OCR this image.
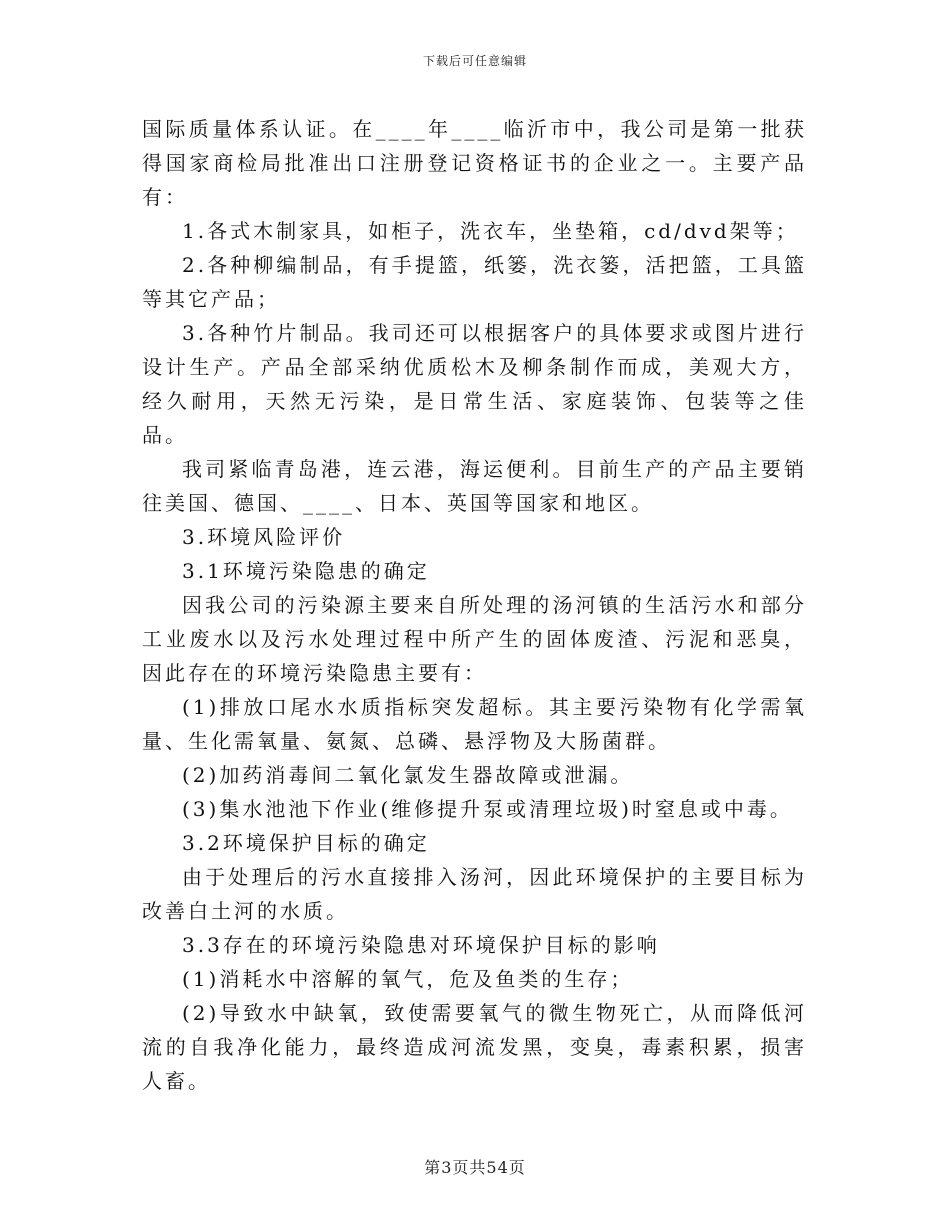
下载后可任意编辑

国际质量体系认证。在____年____临沂市中，我公司是第一批获得国家商检局批准出口注册登记资格证书的企业之一。主要产品有：

1.各式木制家具，如柜子，洗衣车，坐垫箱，cd/dvd架等；

2.各种柳编制品，有手提篮，纸篓，洗衣篓，活把篮，工具篮等其它产品；

3.各种竹片制品。我司还可以根据客户的具体要求或图片进行设计生产。产品全部采纳优质松木及柳条制作而成，美观大方，经久耐用，天然无污染，是日常生活、家庭装饰、包装等之佳品。

我司紧临青岛港，连云港，海运便利。目前生产的产品主要销往美国、德国、____、日本、英国等国家和地区。

3.环境风险评价

3.1环境污染隐患的确定

因我公司的污染源主要来自所处理的汤河镇的生活污水和部分工业废水以及污水处理过程中所产生的固体废渣、污泥和恶臭，因此存在的环境污染隐患主要有：

(1)排放口尾水水质指标突发超标。其主要污染物有化学需氧量、生化需氧量、氨氮、总磷、悬浮物及大肠菌群。

(2)加药消毒间二氧化氯发生器故障或泄漏。

(3)集水池池下作业(维修提升泵或清理垃圾)时窒息或中毒。

3.2环境保护目标的确定

由于处理后的污水直接排入汤河，因此环境保护的主要目标为改善白土河的水质。

3.3存在的环境污染隐患对环境保护目标的影响

(1)消耗水中溶解的氧气，危及鱼类的生存；

(2)导致水中缺氧，致使需要氧气的微生物死亡，从而降低河流的自我净化能力，最终造成河流发黑，变臭，毒素积累，损害人畜。

第3页共54页
